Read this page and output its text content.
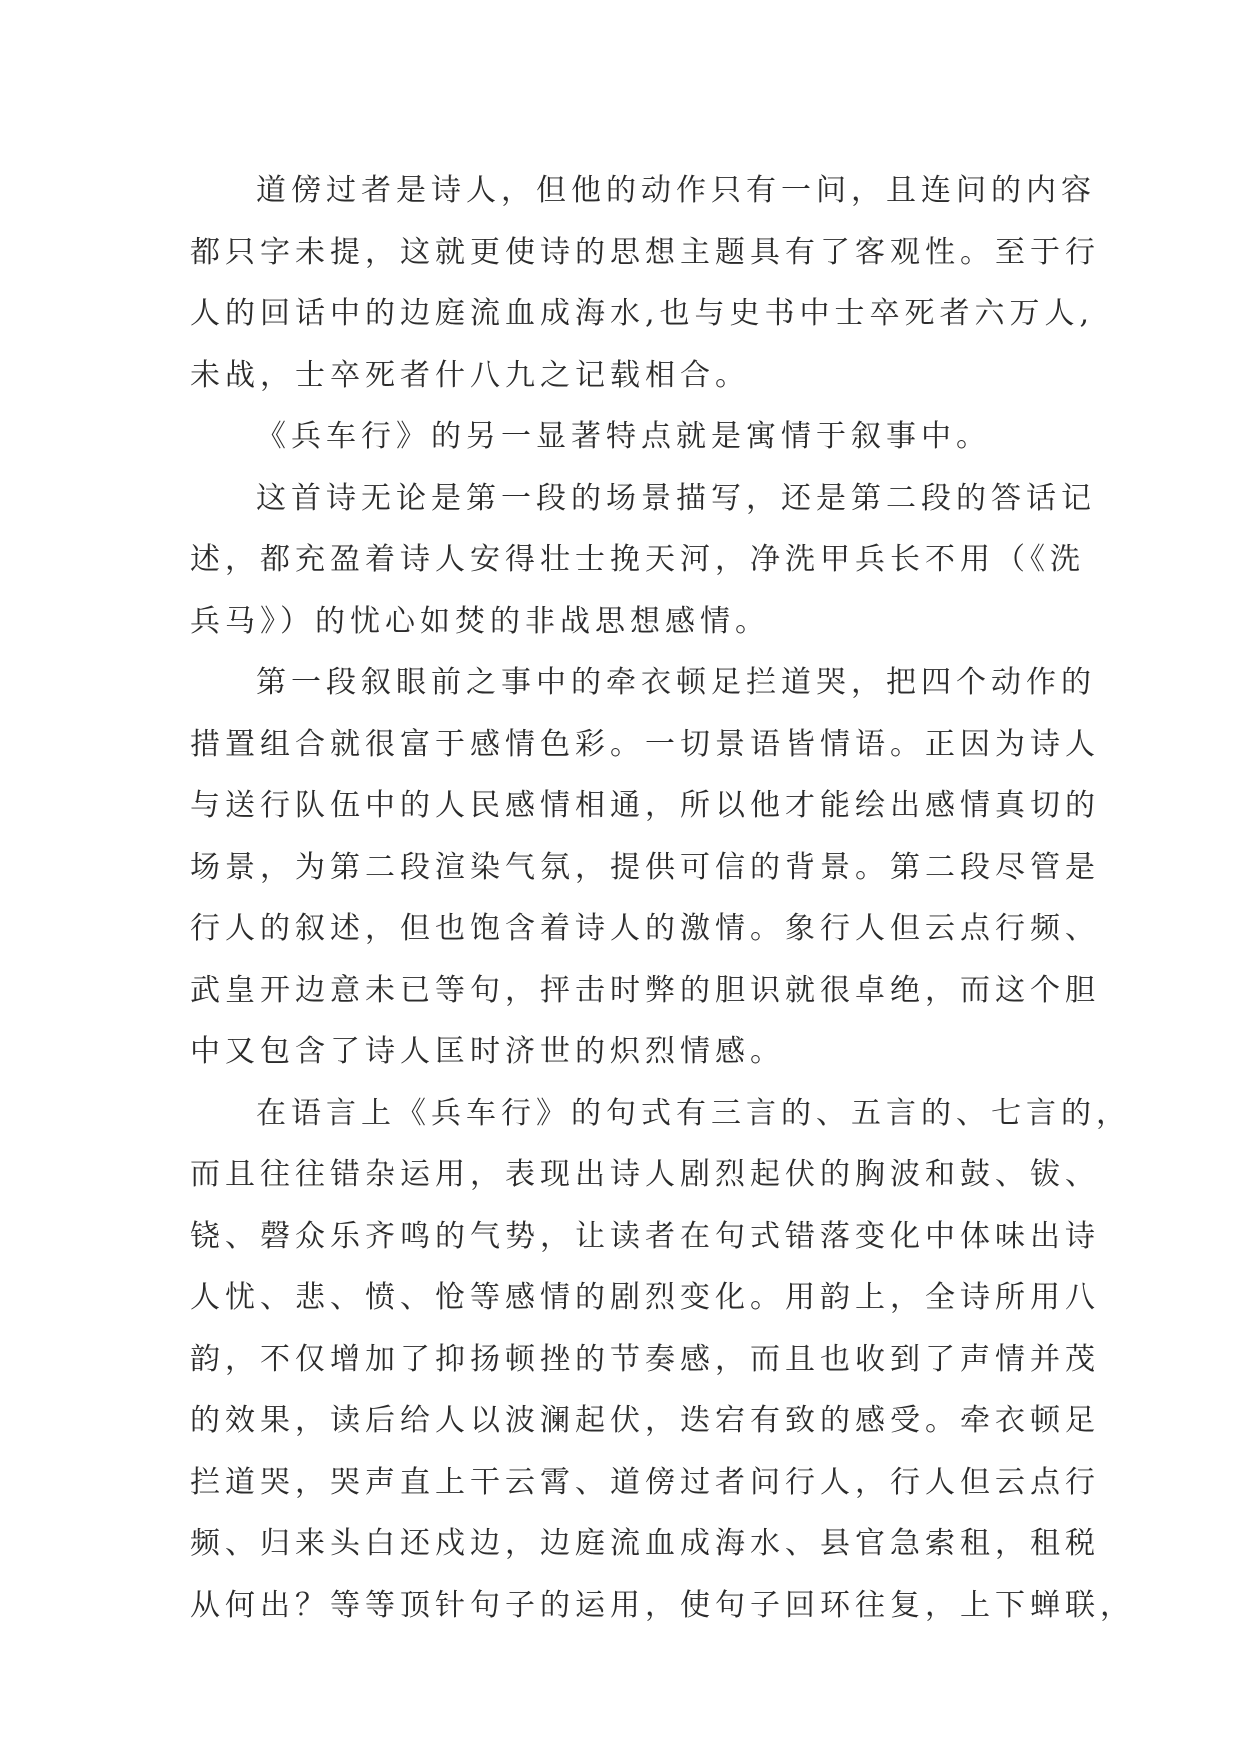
道傍过者是诗人，但他的动作只有一问，且连问的内容
都只字未提，这就更使诗的思想主题具有了客观性。至于行
人的回话中的边庭流血成海水,也与史书中士卒死者六万人,
未战，士卒死者什八九之记载相合。
《兵车行》的另一显著特点就是寓情于叙事中。
这首诗无论是第一段的场景描写，还是第二段的答话记
述，都充盈着诗人安得壮士挽天河，净洗甲兵长不用（《洗
兵马》）的忧心如焚的非战思想感情。
第一段叙眼前之事中的牵衣顿足拦道哭，把四个动作的
措置组合就很富于感情色彩。一切景语皆情语。正因为诗人
与送行队伍中的人民感情相通，所以他才能绘出感情真切的
场景，为第二段渲染气氛，提供可信的背景。第二段尽管是
行人的叙述，但也饱含着诗人的激情。象行人但云点行频、
武皇开边意未已等句，抨击时弊的胆识就很卓绝，而这个胆
中又包含了诗人匡时济世的炽烈情感。
在语言上《兵车行》的句式有三言的、五言的、七言的，
而且往往错杂运用，表现出诗人剧烈起伏的胸波和鼓、钹、
铙、磬众乐齐鸣的气势，让读者在句式错落变化中体味出诗
人忧、悲、愤、怆等感情的剧烈变化。用韵上，全诗所用八
韵，不仅增加了抑扬顿挫的节奏感，而且也收到了声情并茂
的效果，读后给人以波澜起伏，迭宕有致的感受。牵衣顿足
拦道哭，哭声直上干云霄、道傍过者问行人，行人但云点行
频、归来头白还戍边，边庭流血成海水、县官急索租，租税
从何出？等等顶针句子的运用，使句子回环往复，上下蝉联，
